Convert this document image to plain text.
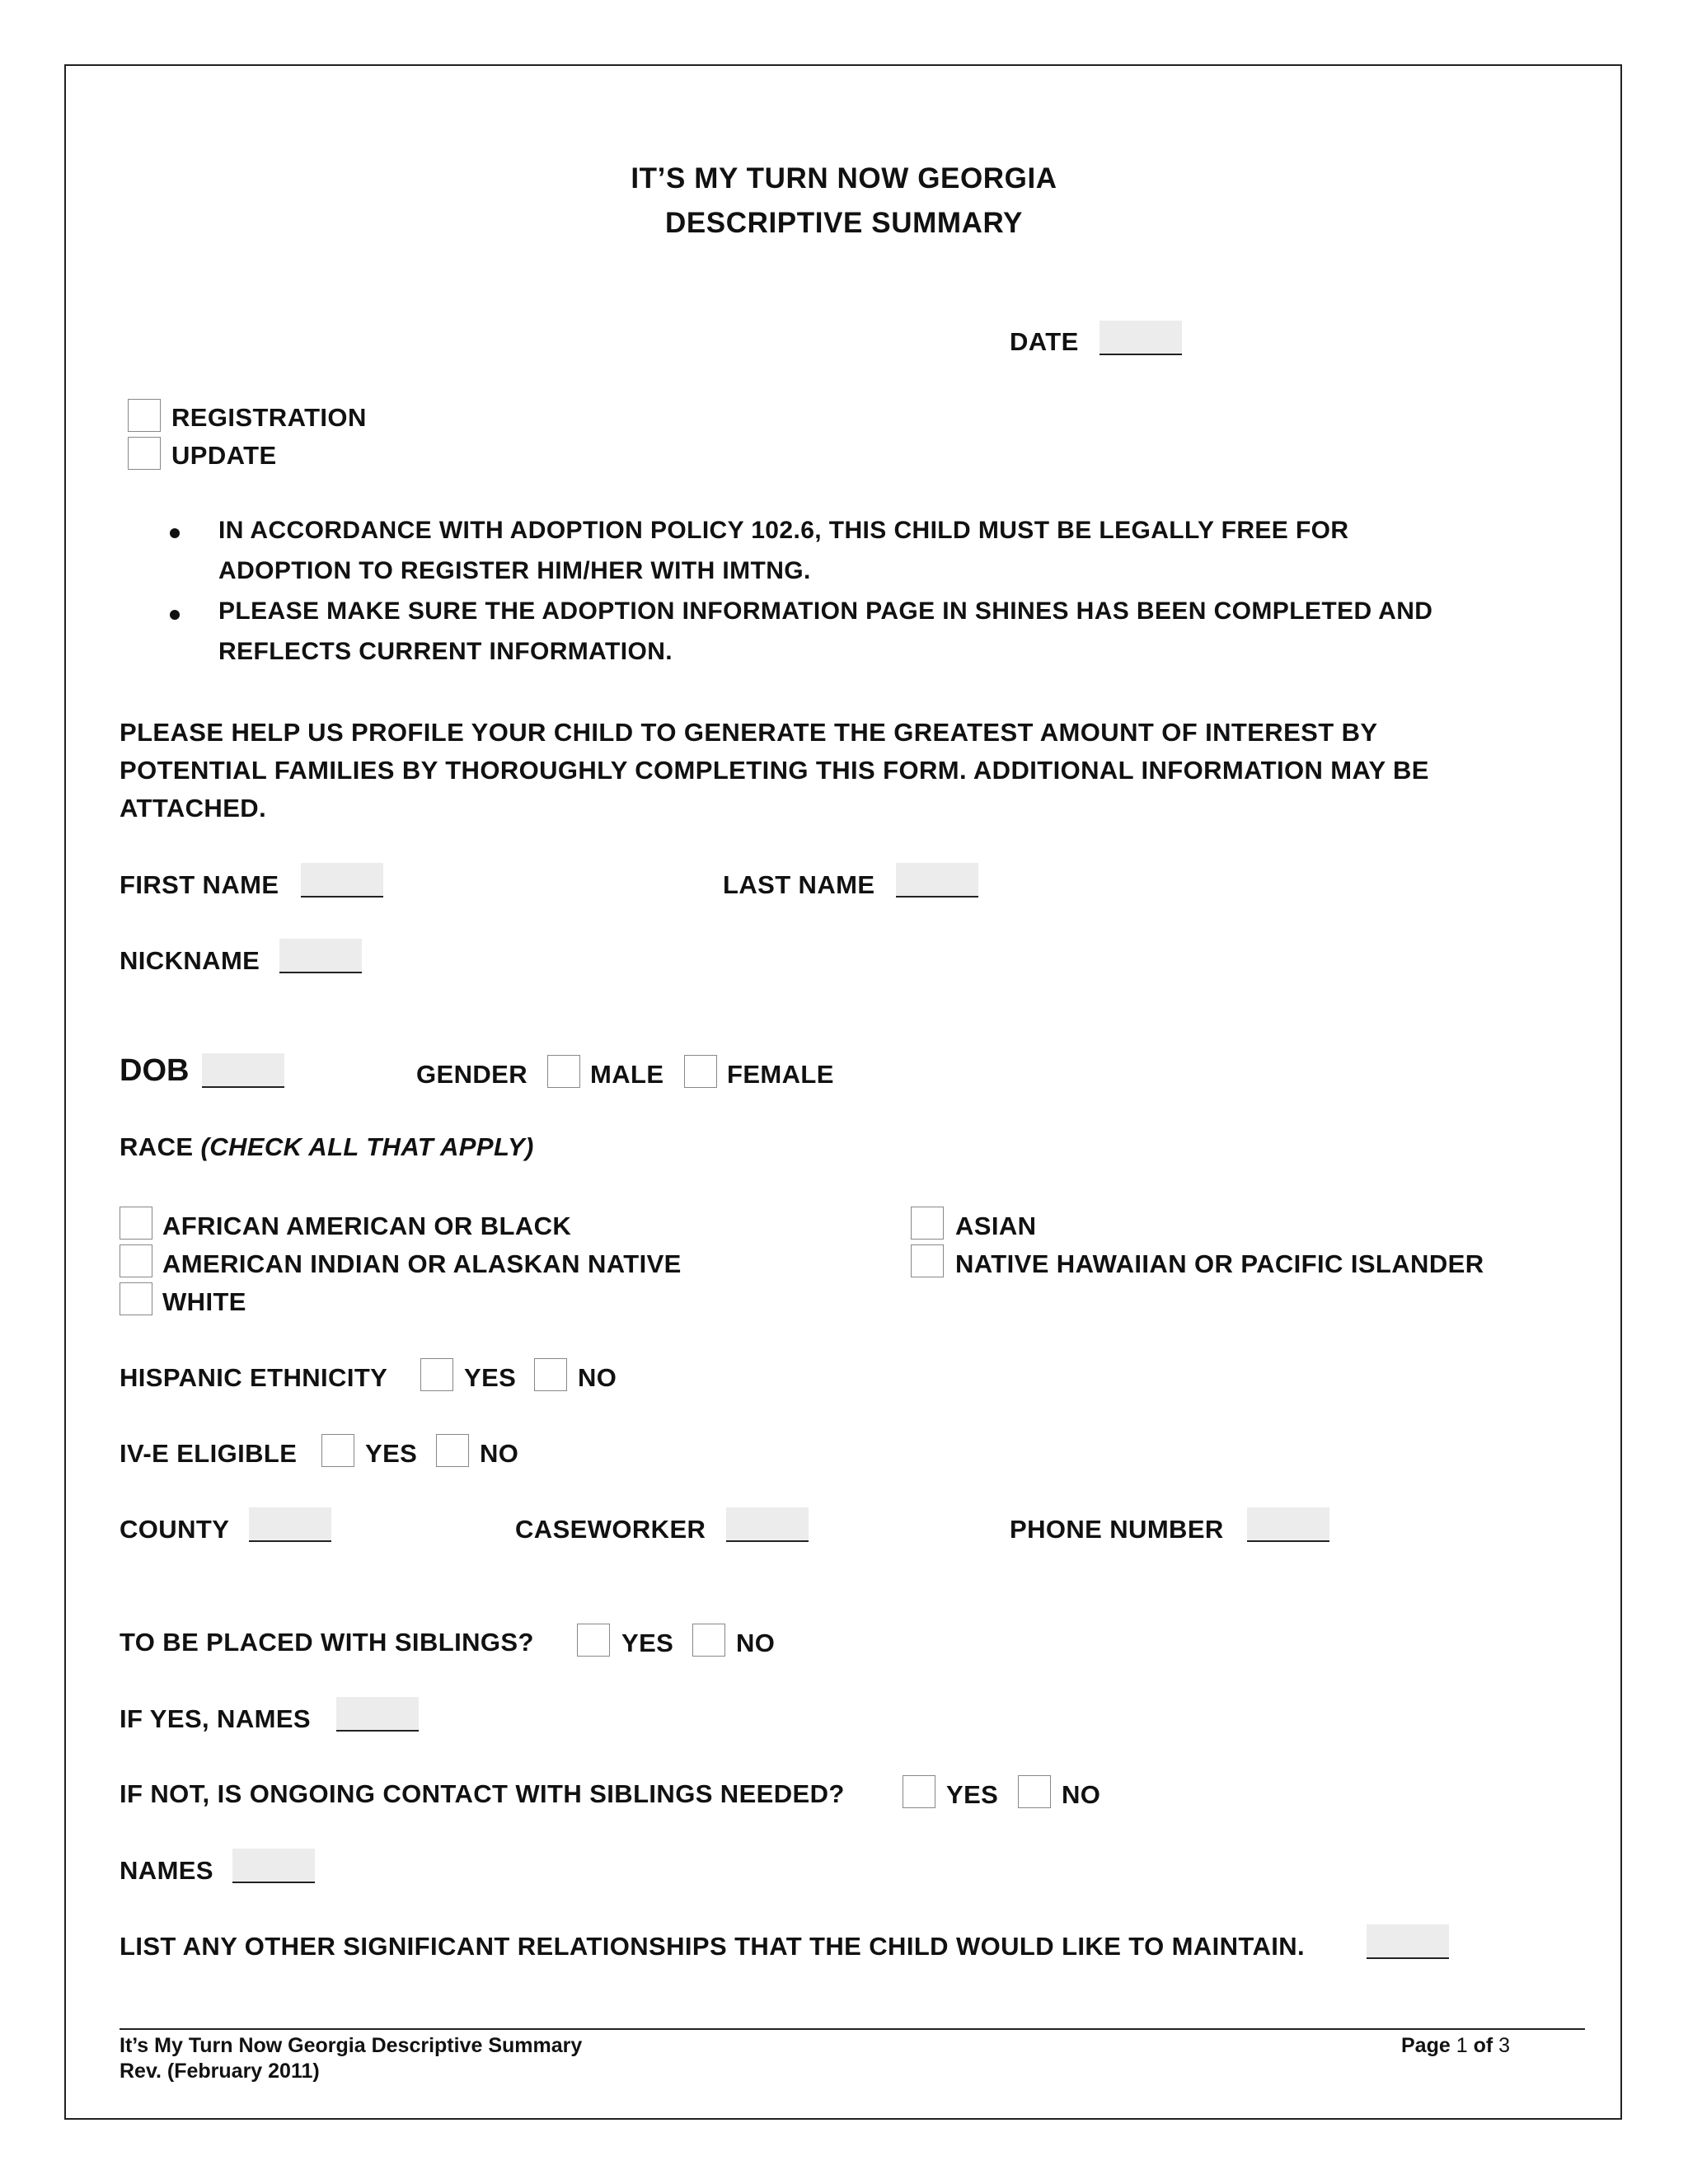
IT’S MY TURN NOW GEORGIA
DESCRIPTIVE SUMMARY
DATE
REGISTRATION
UPDATE
IN ACCORDANCE WITH ADOPTION POLICY 102.6, THIS CHILD MUST BE LEGALLY FREE FOR
ADOPTION TO REGISTER HIM/HER WITH IMTNG.
PLEASE MAKE SURE THE ADOPTION INFORMATION PAGE IN SHINES HAS BEEN COMPLETED AND
REFLECTS CURRENT INFORMATION.
PLEASE HELP US PROFILE YOUR CHILD TO GENERATE THE GREATEST AMOUNT OF INTEREST BY
POTENTIAL FAMILIES BY THOROUGHLY COMPLETING THIS FORM. ADDITIONAL INFORMATION MAY BE
ATTACHED.
FIRST NAME	LAST NAME
NICKNAME
DOB	GENDER MALE FEMALE
RACE (CHECK ALL THAT APPLY)
AFRICAN AMERICAN OR BLACK
AMERICAN INDIAN OR ALASKAN NATIVE
WHITE
ASIAN
NATIVE HAWAIIAN OR PACIFIC ISLANDER
HISPANIC ETHNICITY	YES NO
IV-E ELIGIBLE	YES NO
COUNTY	CASEWORKER	PHONE NUMBER
TO BE PLACED WITH SIBLINGS?	YES NO
IF YES, NAMES
IF NOT, IS ONGOING CONTACT WITH SIBLINGS NEEDED?	YES NO
NAMES
LIST ANY OTHER SIGNIFICANT RELATIONSHIPS THAT THE CHILD WOULD LIKE TO MAINTAIN.
It’s My Turn Now Georgia Descriptive Summary
Rev. (February 2011)
Page 1 of 3
